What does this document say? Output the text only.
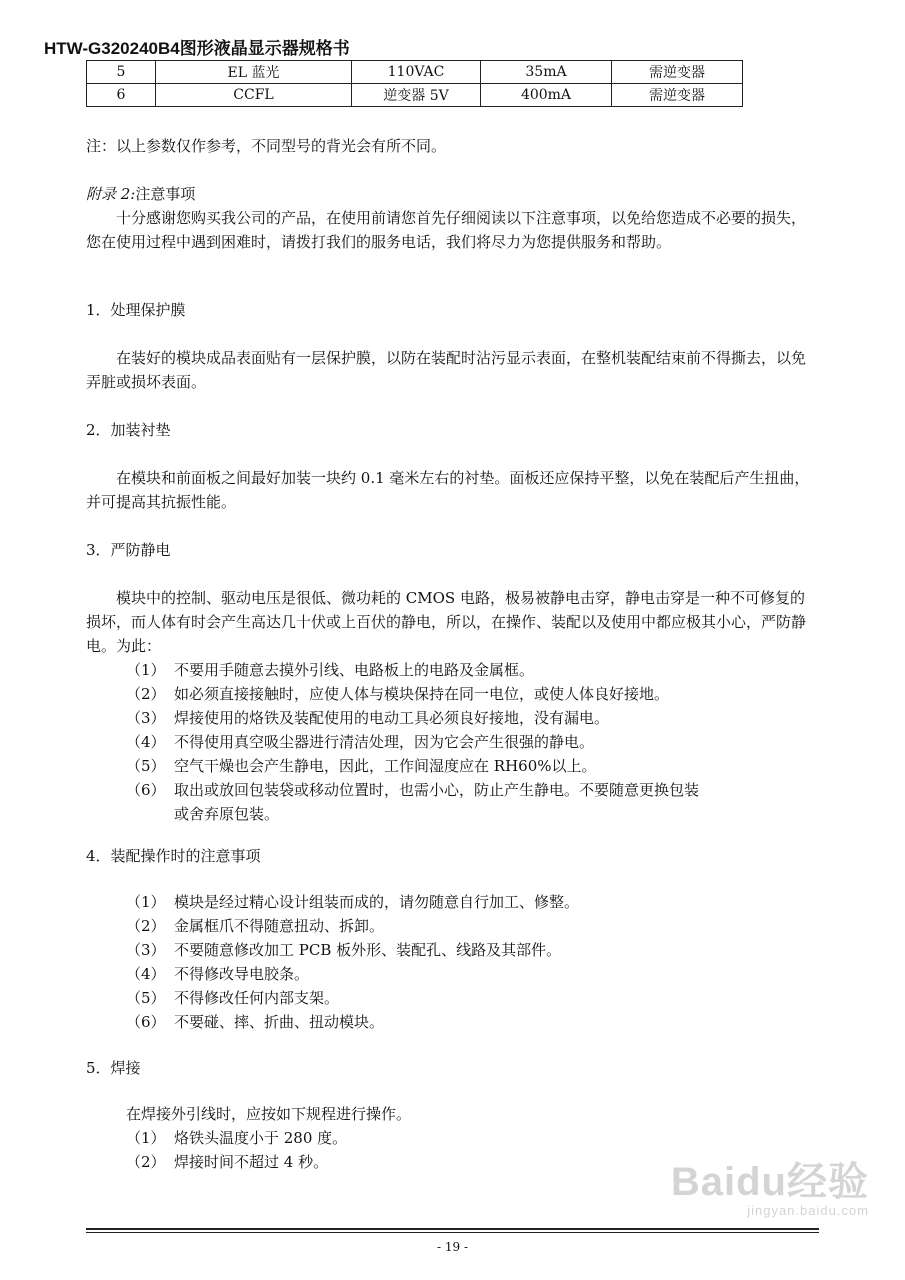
HTW-G320240B4图形液晶显示器规格书
5	EL 蓝光	110VAC	35mA	需逆变器
6	CCFL	逆变器 5V	400mA	需逆变器
注：以上参数仅作参考，不同型号的背光会有所不同。
附录 2:注意事项
十分感谢您购买我公司的产品，在使用前请您首先仔细阅读以下注意事项，以免给您造成不必要的损失，您在使用过程中遇到困难时，请拨打我们的服务电话，我们将尽力为您提供服务和帮助。
1．处理保护膜
在装好的模块成品表面贴有一层保护膜，以防在装配时沾污显示表面，在整机装配结束前不得撕去，以免弄脏或损坏表面。
2．加装衬垫
在模块和前面板之间最好加装一块约 0.1 毫米左右的衬垫。面板还应保持平整，以免在装配后产生扭曲，并可提高其抗振性能。
3．严防静电
模块中的控制、驱动电压是很低、微功耗的 CMOS 电路，极易被静电击穿，静电击穿是一种不可修复的损坏，而人体有时会产生高达几十伏或上百伏的静电，所以，在操作、装配以及使用中都应极其小心，严防静电。为此：
（1） 不要用手随意去摸外引线、电路板上的电路及金属框。
（2） 如必须直接接触时，应使人体与模块保持在同一电位，或使人体良好接地。
（3） 焊接使用的烙铁及装配使用的电动工具必须良好接地，没有漏电。
（4） 不得使用真空吸尘器进行清洁处理，因为它会产生很强的静电。
（5） 空气干燥也会产生静电，因此，工作间湿度应在 RH60%以上。
（6） 取出或放回包装袋或移动位置时，也需小心，防止产生静电。不要随意更换包装
或舍弃原包装。
4．装配操作时的注意事项
（1） 模块是经过精心设计组装而成的，请勿随意自行加工、修整。
（2） 金属框爪不得随意扭动、拆卸。
（3） 不要随意修改加工 PCB 板外形、装配孔、线路及其部件。
（4） 不得修改导电胶条。
（5） 不得修改任何内部支架。
（6） 不要碰、摔、折曲、扭动模块。
5．焊接
在焊接外引线时，应按如下规程进行操作。
（1） 烙铁头温度小于 280 度。
（2） 焊接时间不超过 4 秒。	Baidu经验
jingyan.baidu.com
- 19 -
